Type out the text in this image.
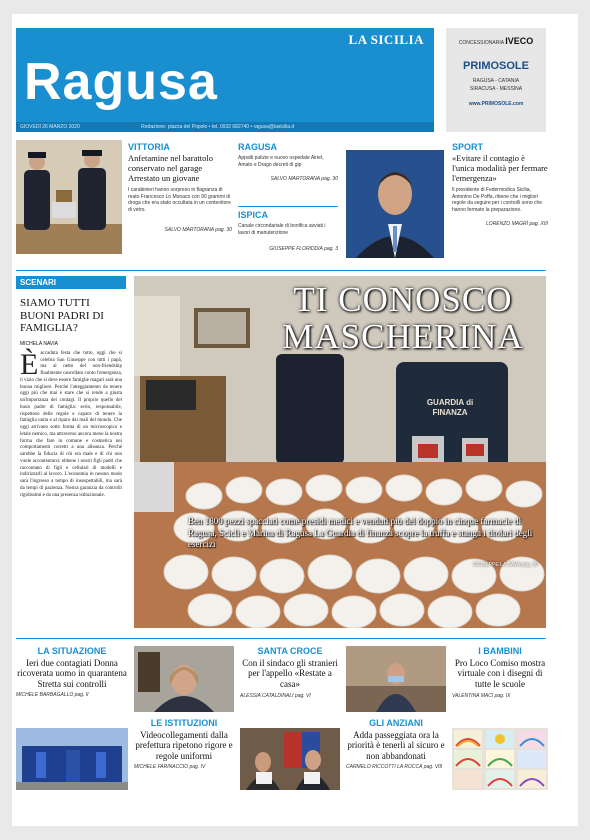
LA SICILIA
Ragusa
GIOVEDÌ 26 MARZO 2020	Redazione: piazza del Popolo • tel. 0932 682740 • ragusa@lasicilia.it
CONCESSIONARIA IVECO
PRIMOSOLE
RAGUSA - CATANIA
SIRACUSA - MESSINA
www.PRIMOSOLE.com
VITTORIA
Anfetamine nel barattolo conservato nel garage Arrestato un giovane
I carabinieri hanno sorpreso in flagranza di reato Francesco Lo Monaco con 90 grammi di droga che era stato occultata in un contenitore di vetro.
SALVO MARTORANA pag. 30
RAGUSA
Appalti pulizie e nuovo ospedale Airiet, Amato e Drago decreti di gip
SALVO MARTORANA pag. 30
ISPICA
Canale circondariale di bonifica avviati i lavori di manutenzione
GIUSEPPE FLORIDDIA pag. 3
SPORT
«Evitare il contagio è l'unica modalità per fermare l'emergenza»
Il presidente di Federmodica Sicilia, Antonino De Poffa, ritiene che i migliori regole da seguire per i controlli sono che hanno fermato la preparazione.
LORENZO MAGRÌ pag. XIII
SCENARI
SIAMO TUTTI BUONI PADRI DI FAMIGLIA?
MICHELA NAVIA
È accaduta festa che tutto, oggi che si celebra San Giuseppe con tutti i papà, ma al netto del non-friendship finalmente cancellato conto l'emergenza, il vizio che si deve essere famiglie magari sarà una buona migliore. Perché l'atteggiamento da tenere oggi più che mai è stare che si rende a giusta un'importanza dei contagi. Il proprio quello del buon padre di famiglia: serio, responsabile, rispettoso delle regole e capace di tenere la famiglia unita e al riparo dai mali del mondo. Che oggi arrivano sotto forma di un microscopico e letale nemico, ma attraverso ancora meno la nostra forma che fare in comune e cosmetica nei comportamenti corretti a una alleanza. Perché sarebbe la fiducia di chi era male e di chi non vuole accontentarsi: ebbene i nostri figli padri che raccontano di figli e cellulari di modelli e indirizzarli al lavoro. L'economia in nessun modo sarà l'ingresso a tempo di insospettabili, ma sarà da tempi di pazienza. Nostra garanzia da controlli rigidissimi e da una presenza istituzionale.
GUARDIA di FINANZA
TI CONOSCO MASCHERINA
Ben 1800 pezzi spacciati come presidi medici e venduti più del doppio in cinque farmacie di Ragusa, Scicli e Marina di Ragusa La Guardia di finanza scopre la truffa e stanga i titolari degli esercizi
GIUSEPPE LA CAVA pag. 30
LA SITUAZIONE
Ieri due contagiati Donna ricoverata uomo in quarantena Stretta sui controlli
MICHELE BARBAGALLO pag. II
LE ISTITUZIONI
Videocollegamenti dalla prefettura ripetono rigore e regole uniformi
MICHELE FARINACCIO pag. IV
SANTA CROCE
Con il sindaco gli stranieri per l'appello «Restate a casa»
ALESSIA CATALDINALI pag. VI
GLI ANZIANI
Adda passeggiata ora la priorità è tenerli al sicuro e non abbandonati
CARMELO RICCOTTI LA ROCCA pag. VIII
I BAMBINI
Pro Loco Comiso mostra virtuale con i disegni di tutte le scuole
VALENTINA MACI pag. IX
